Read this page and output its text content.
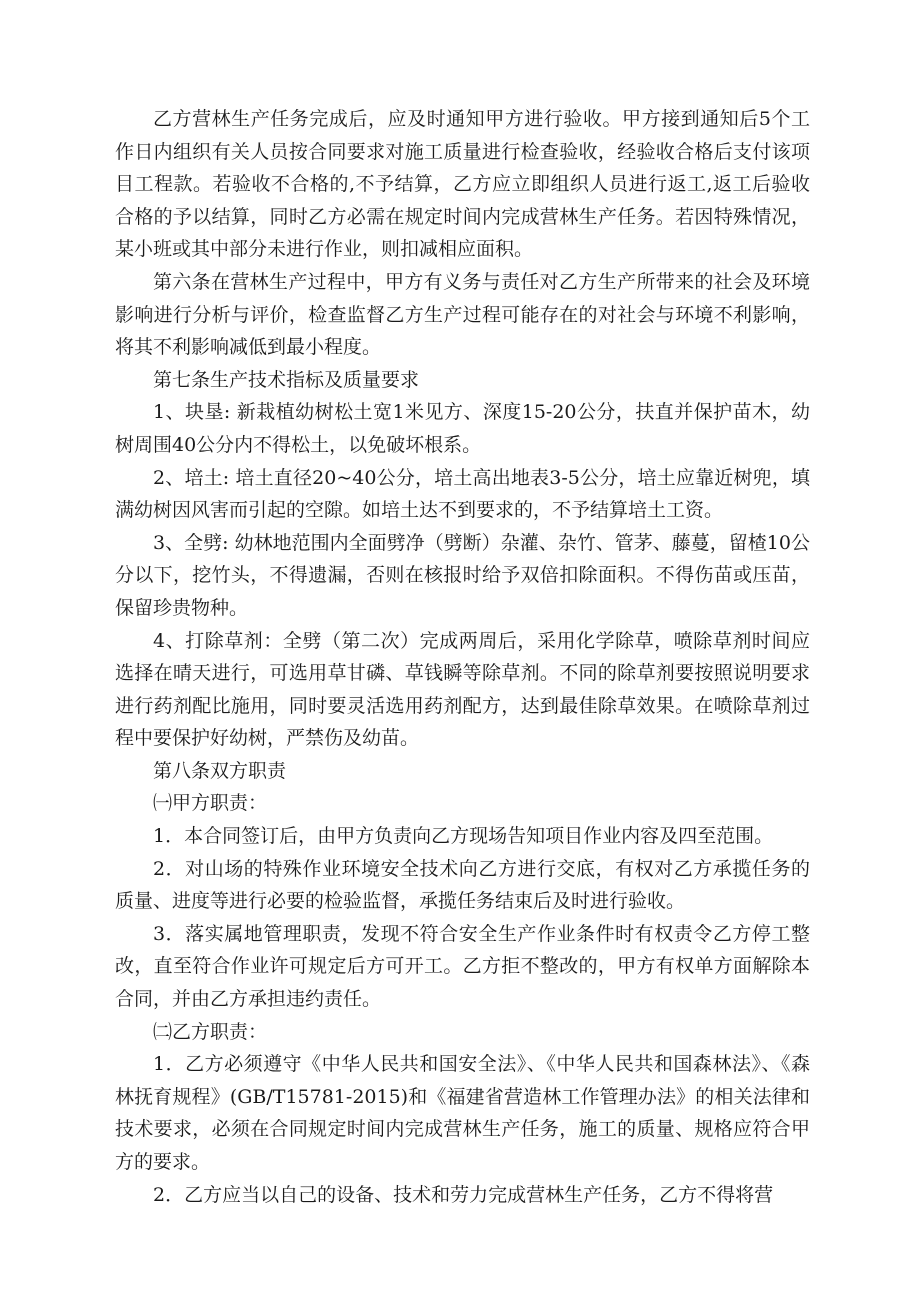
乙方营林生产任务完成后，应及时通知甲方进行验收。甲方接到通知后5个工作日内组织有关人员按合同要求对施工质量进行检查验收，经验收合格后支付该项目工程款。若验收不合格的,不予结算，乙方应立即组织人员进行返工,返工后验收合格的予以结算，同时乙方必需在规定时间内完成营林生产任务。若因特殊情况，某小班或其中部分未进行作业，则扣减相应面积。

第六条在营林生产过程中，甲方有义务与责任对乙方生产所带来的社会及环境影响进行分析与评价，检查监督乙方生产过程可能存在的对社会与环境不利影响，将其不利影响减低到最小程度。

第七条生产技术指标及质量要求

1、块垦: 新栽植幼树松土宽1米见方、深度15-20公分，扶直并保护苗木，幼树周围40公分内不得松土，以免破坏根系。

2、培土: 培土直径20~40公分，培土高出地表3-5公分，培土应靠近树兜，填满幼树因风害而引起的空隙。如培土达不到要求的，不予结算培土工资。

3、全劈: 幼林地范围内全面劈净（劈断）杂灌、杂竹、管茅、藤蔓，留楂10公分以下，挖竹头，不得遗漏，否则在核报时给予双倍扣除面积。不得伤苗或压苗，保留珍贵物种。

4、打除草剂：全劈（第二次）完成两周后，采用化学除草，喷除草剂时间应选择在晴天进行，可选用草甘磷、草钱瞬等除草剂。不同的除草剂要按照说明要求进行药剂配比施用，同时要灵活选用药剂配方，达到最佳除草效果。在喷除草剂过程中要保护好幼树，严禁伤及幼苗。

第八条双方职责

㈠甲方职责：

1．本合同签订后，由甲方负责向乙方现场告知项目作业内容及四至范围。

2．对山场的特殊作业环境安全技术向乙方进行交底，有权对乙方承揽任务的质量、进度等进行必要的检验监督，承揽任务结束后及时进行验收。

3．落实属地管理职责，发现不符合安全生产作业条件时有权责令乙方停工整改，直至符合作业许可规定后方可开工。乙方拒不整改的，甲方有权单方面解除本合同，并由乙方承担违约责任。

㈡乙方职责：

1．乙方必须遵守《中华人民共和国安全法》、《中华人民共和国森林法》、《森林抚育规程》(GB/T15781-2015)和《福建省营造林工作管理办法》的相关法律和技术要求，必须在合同规定时间内完成营林生产任务，施工的质量、规格应符合甲方的要求。

2．乙方应当以自己的设备、技术和劳力完成营林生产任务，乙方不得将营
